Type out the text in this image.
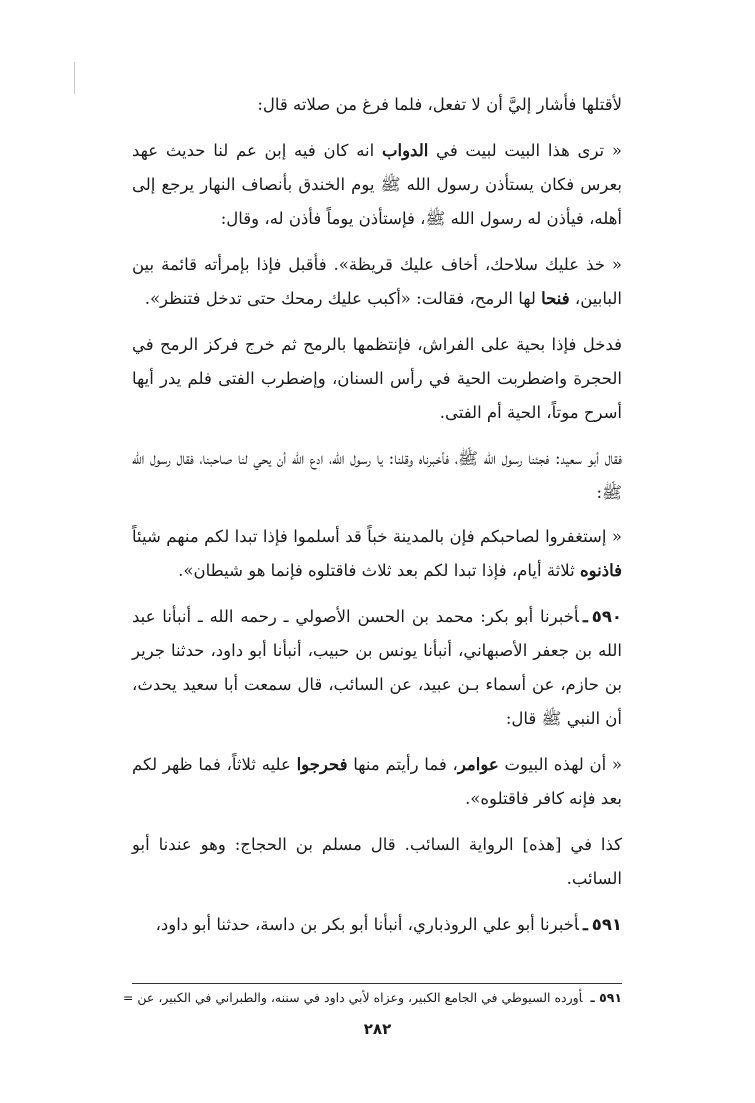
لأقتلها فأشار إليَّ أن لا تفعل، فلما فرغ من صلاته قال:

« ترى هذا البيت لبيت في الدواب انه كان فيه إبن عم لنا حديث عهد بعرس فكان يستأذن رسول الله ﷺ يوم الخندق بأنصاف النهار يرجع إلى أهله، فيأذن له رسول الله ﷺ، فإستأذن يوماً فأذن له، وقال:

« خذ عليك سلاحك، أخاف عليك قريظة». فأقبل فإذا بإمرأته قائمة بين البابين، فنحا لها الرمح، فقالت: «أكبب عليك رمحك حتى تدخل فتنظر».

فدخل فإذا بحية على الفراش، فإنتظمها بالرمح ثم خرج فركز الرمح في الحجرة واضطربت الحية في رأس السنان، وإضطرب الفتى فلم يدر أيها أسرح موتاً، الحية أم الفتى.

فقال أبو سعيد: فجئنا رسول الله ﷺ، فأخبرناه وقلنا: يا رسول الله، ادع الله أن يحي لنا صاحبنا، فقال رسول الله ﷺ:

« إستغفروا لصاحبكم فإن بالمدينة خباً قد أسلموا فإذا تبدا لكم منهم شيئاً فاذنوه ثلاثة أيام، فإذا تبدا لكم بعد ثلاث فاقتلوه فإنما هو شيطان».

٥٩٠ـأخبرنا أبو بكر: محمد بن الحسن الأصولي ـ رحمه الله ـ أنبأنا عبد الله بن جعفر الأصبهاني، أنبأنا يونس بن حبيب، أنبأنا أبو داود، حدثنا جرير بن حازم، عن أسماء بـن عبيد، عن السائب، قال سمعت أبا سعيد يحدث، أن النبي ﷺ قال:

« أن لهذه البيوت عوامر، فما رأيتم منها فحرجوا عليه ثلاثاً، فما ظهر لكم بعد فإنه كافر فاقتلوه».

كذا في [هذه] الرواية السائب. قال مسلم بن الحجاج: وهو عندنا أبو السائب.

٥٩١ـأخبرنا أبو علي الروذباري، أنبأنا أبو بكر بن داسة، حدثنا أبو داود،

٥٩١ ـأورده السيوطي في الجامع الكبير، وعزاه لأبي داود في سننه، والطبراني في الكبير، عن =
٢٨٢
